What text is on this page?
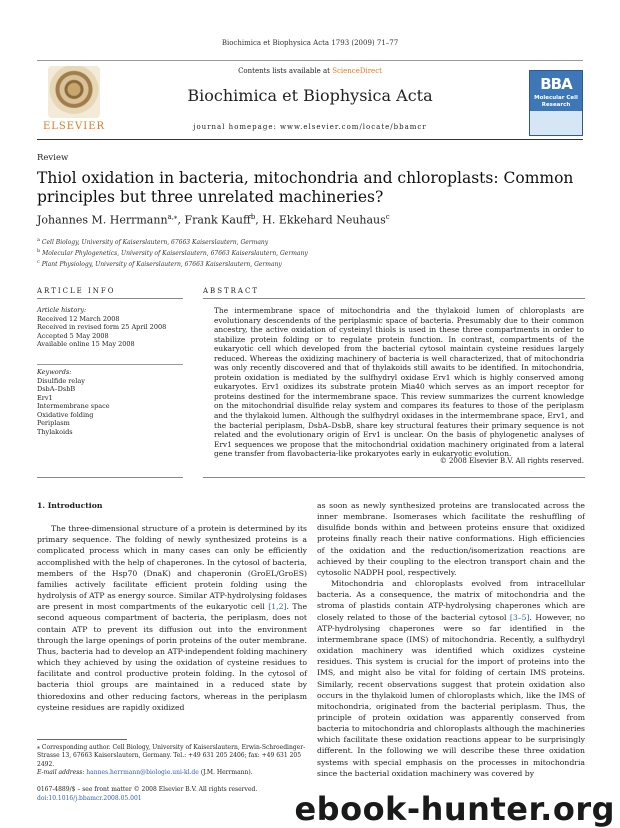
Biochimica et Biophysica Acta 1793 (2009) 71–77
ELSEVIER
Contents lists available at ScienceDirect
Biochimica et Biophysica Acta
journal homepage: www.elsevier.com/locate/bbamcr
BBA
Molecular Cell Research
Review
Thiol oxidation in bacteria, mitochondria and chloroplasts: Common principles but three unrelated machineries?
Johannes M. Herrmann$^{a,⁎}$, Frank Kauff$^b$, H. Ekkehard Neuhaus$^c$
$^a$ Cell Biology, University of Kaiserslautern, 67663 Kaiserslautern, Germany
$^b$ Molecular Phylogenetics, University of Kaiserslautern, 67663 Kaiserslautern, Germany
$^c$ Plant Physiology, University of Kaiserslautern, 67663 Kaiserslautern, Germany
ARTICLE INFO	ABSTRACT
Article history:
Received 12 March 2008
Received in revised form 25 April 2008
Accepted 5 May 2008
Available online 15 May 2008
Keywords:
Disulfide relay
DsbA–DsbB
Erv1
Intermembrane space
Oxidative folding
Periplasm
Thylakoids
The intermembrane space of mitochondria and the thylakoid lumen of chloroplasts are evolutionary descendents of the periplasmic space of bacteria. Presumably due to their common ancestry, the active oxidation of cysteinyl thiols is used in these three compartments in order to stabilize protein folding or to regulate protein function. In contrast, compartments of the eukaryotic cell which developed from the bacterial cytosol maintain cysteine residues largely reduced. Whereas the oxidizing machinery of bacteria is well characterized, that of mitochondria was only recently discovered and that of thylakoids still awaits to be identified. In mitochondria, protein oxidation is mediated by the sulfhydryl oxidase Erv1 which is highly conserved among eukaryotes. Erv1 oxidizes its substrate protein Mia40 which serves as an import receptor for proteins destined for the intermembrane space. This review summarizes the current knowledge on the mitochondrial disulfide relay system and compares its features to those of the periplasm and the thylakoid lumen. Although the sulfhydryl oxidases in the intermembrane space, Erv1, and the bacterial periplasm, DsbA–DsbB, share key structural features their primary sequence is not related and the evolutionary origin of Erv1 is unclear. On the basis of phylogenetic analyses of Erv1 sequences we propose that the mitochondrial oxidation machinery originated from a lateral gene transfer from flavobacteria-like prokaryotes early in eukaryotic evolution.
© 2008 Elsevier B.V. All rights reserved.
1. Introduction

The three-dimensional structure of a protein is determined by its primary sequence. The folding of newly synthesized proteins is a complicated process which in many cases can only be efficiently accomplished with the help of chaperones. In the cytosol of bacteria, members of the Hsp70 (DnaK) and chaperonin (GroEL/GroES) families actively facilitate efficient protein folding using the hydrolysis of ATP as energy source. Similar ATP-hydrolysing foldases are present in most compartments of the eukaryotic cell [1,2]. The second aqueous compartment of bacteria, the periplasm, does not contain ATP to prevent its diffusion out into the environment through the large openings of porin proteins of the outer membrane. Thus, bacteria had to develop an ATP-independent folding machinery which they achieved by using the oxidation of cysteine residues to facilitate and control productive protein folding. In the cytosol of bacteria thiol groups are maintained in a reduced state by thioredoxins and other reducing factors, whereas in the periplasm cysteine residues are rapidly oxidized

as soon as newly synthesized proteins are translocated across the inner membrane. Isomerases which facilitate the reshuffling of disulfide bonds within and between proteins ensure that oxidized proteins finally reach their native conformations. High efficiencies of the oxidation and the reduction/isomerization reactions are achieved by their coupling to the electron transport chain and the cytosolic NADPH pool, respectively.

Mitochondria and chloroplasts evolved from intracellular bacteria. As a consequence, the matrix of mitochondria and the stroma of plastids contain ATP-hydrolysing chaperones which are closely related to those of the bacterial cytosol [3–5]. However, no ATP-hydrolysing chaperones were so far identified in the intermembrane space (IMS) of mitochondria. Recently, a sulfhydryl oxidation machinery was identified which oxidizes cysteine residues. This system is crucial for the import of proteins into the IMS, and might also be vital for folding of certain IMS proteins. Similarly, recent observations suggest that protein oxidation also occurs in the thylakoid lumen of chloroplasts which, like the IMS of mitochondria, originated from the bacterial periplasm. Thus, the principle of protein oxidation was apparently conserved from bacteria to mitochondria and chloroplasts although the machineries which facilitate these oxidation reactions appear to be surprisingly different. In the following we will describe these three oxidation systems with special emphasis on the processes in mitochondria since the bacterial oxidation machinery was covered by

⁎ Corresponding author. Cell Biology, University of Kaiserslautern, Erwin-Schroedinger-Strasse 13, 67663 Kaiserslautern, Germany. Tel.: +49 631 205 2406; fax: +49 631 205 2492.
E-mail address: hannes.herrmann@biologie.uni-kl.de (J.M. Herrmann).
0167-4889/$ – see front matter © 2008 Elsevier B.V. All rights reserved.
doi:10.1016/j.bbamcr.2008.05.001	ebook-hunter.org
